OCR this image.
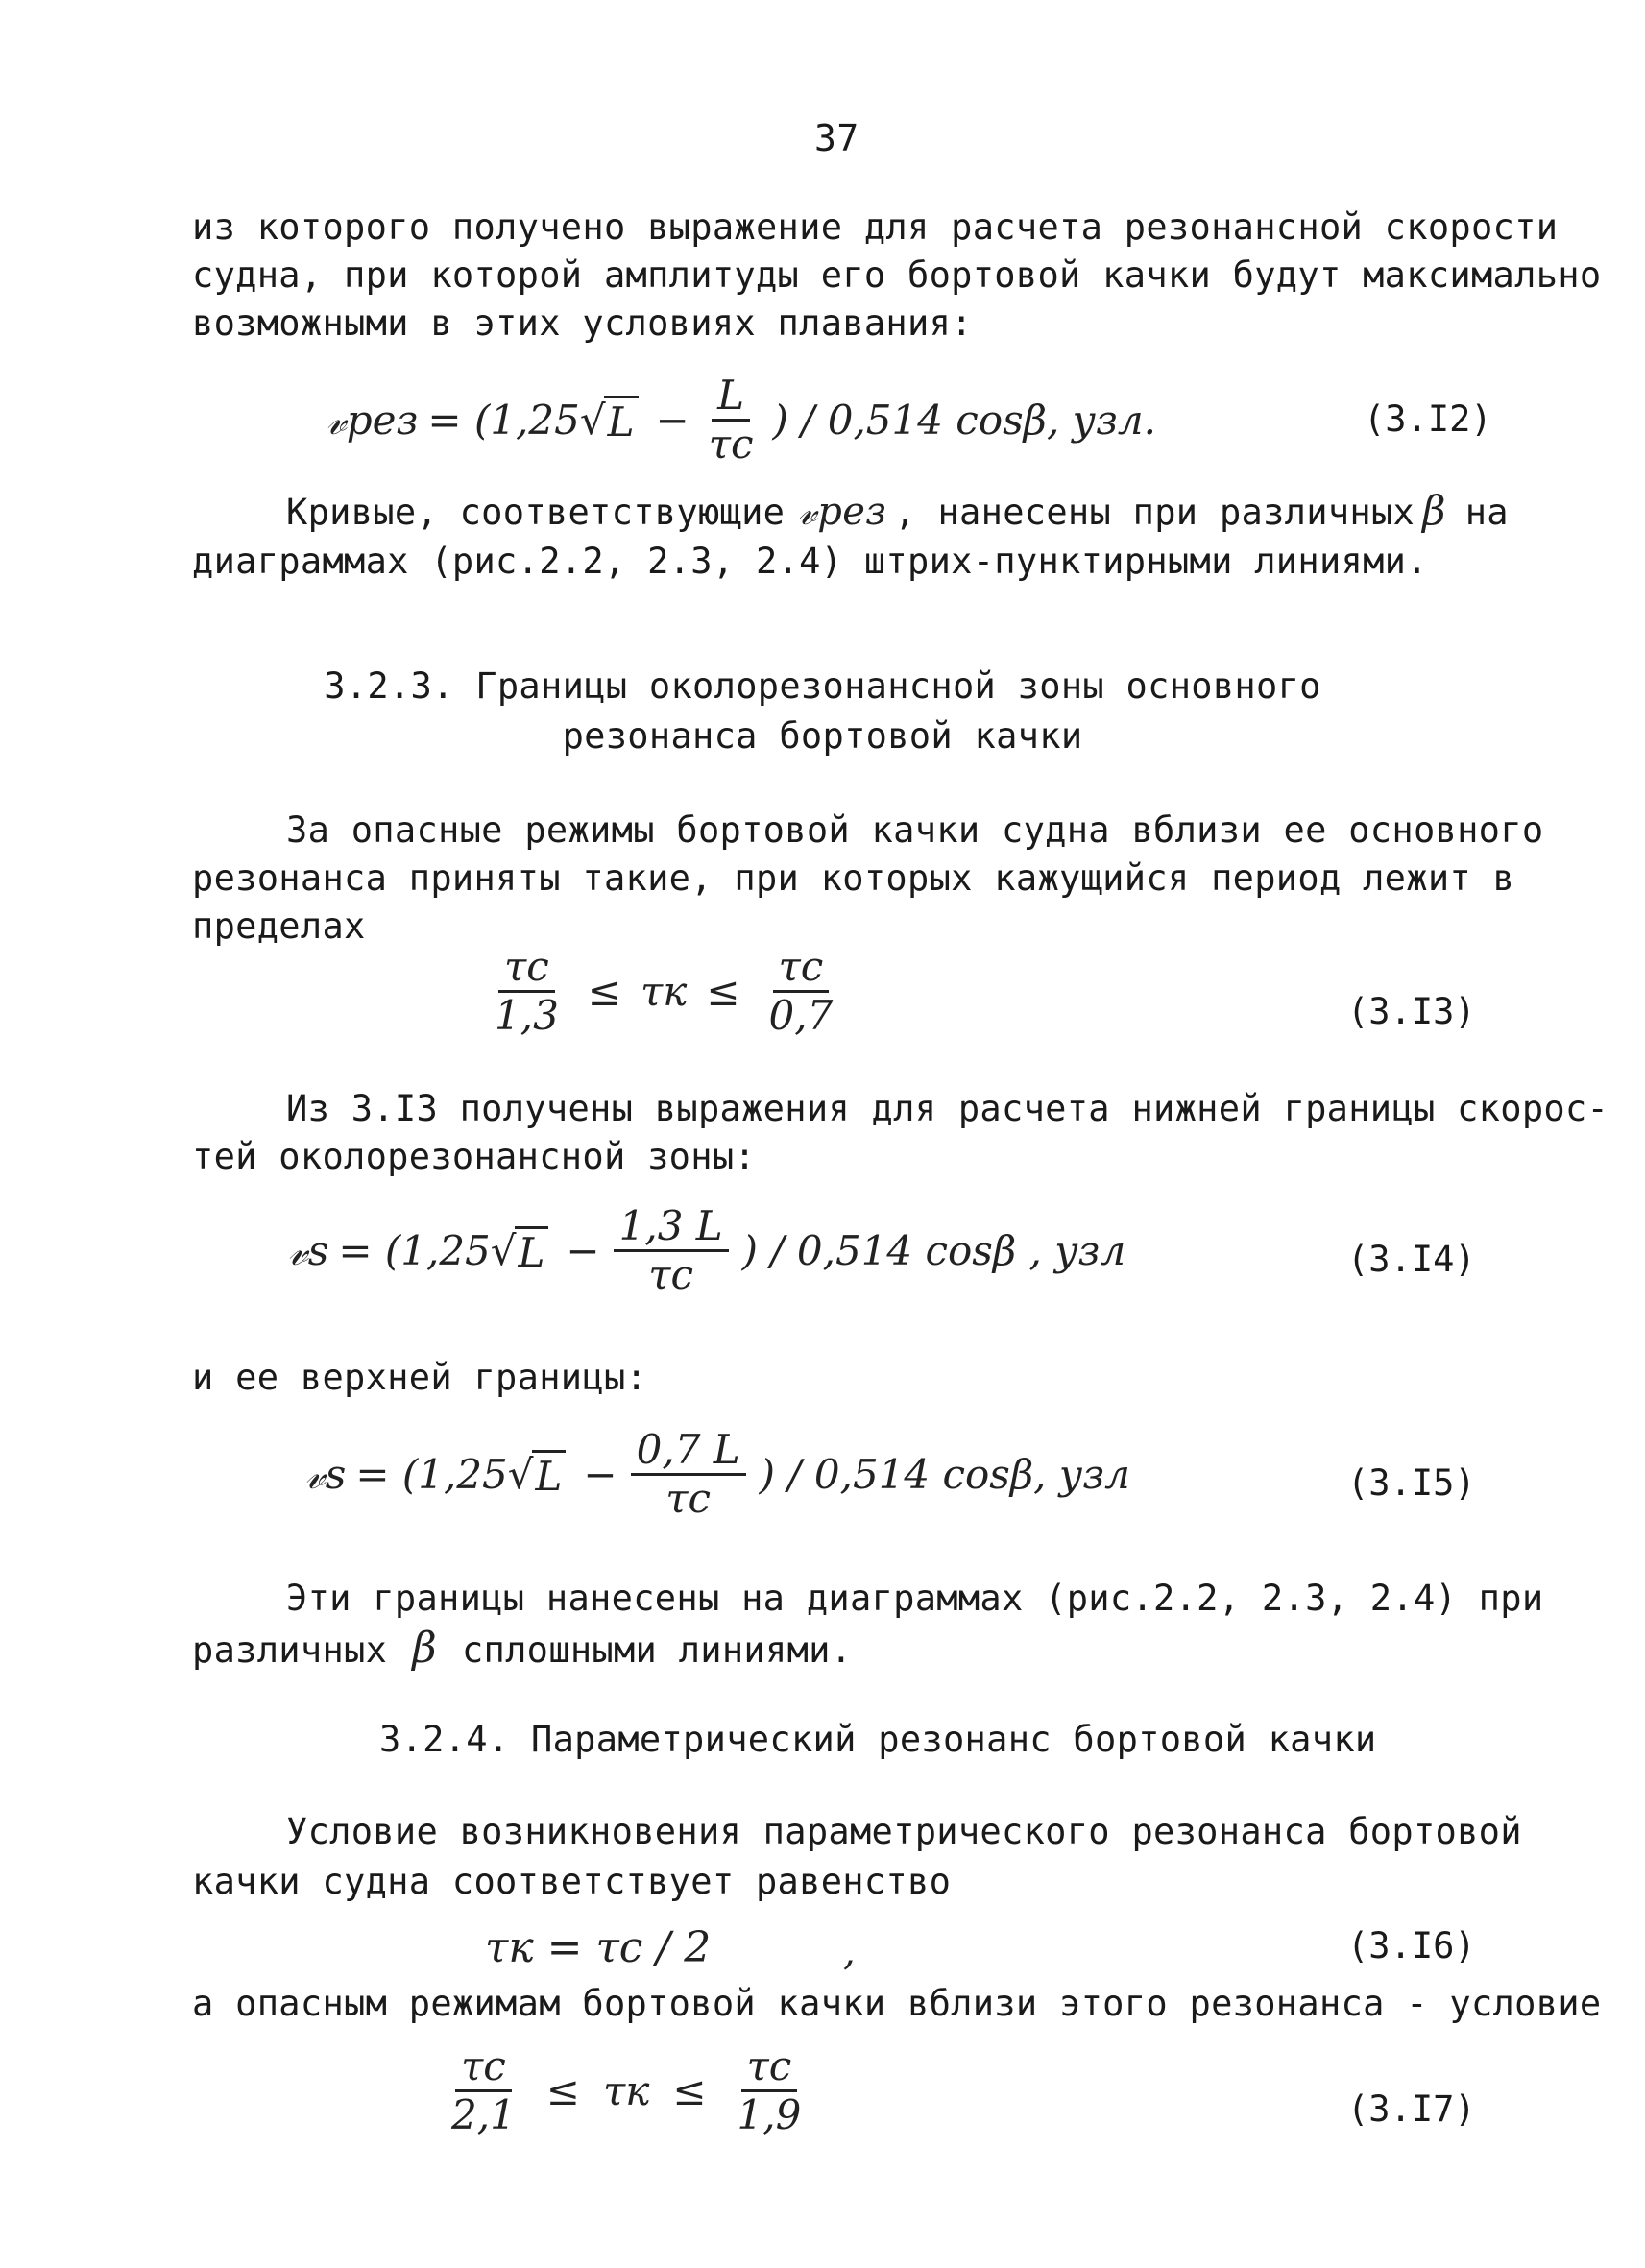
37
из которого получено выражение для расчета резонансной скорости
судна, при которой амплитуды его бортовой качки будут максимально
возможными в этих условиях плавания:
𝓋рез = (1,25√ $L - \frac{L}{\tau c}$ ) / 0,514 cosβ, узл.	(3.I2)
Кривые, соответствующие 𝓋рез , нанесены при различных β на
диаграммах (рис.2.2, 2.3, 2.4) штрих-пунктирными линиями.
3.2.3. Границы околорезонансной зоны основного
резонанса бортовой качки
За опасные режимы бортовой качки судна вблизи ее основного
резонанса приняты такие, при которых кажущийся период лежит в
пределах
$\frac{\tau c}{1,3} \le \tau к \le \frac{\tau c}{0,7}$	(3.I3)
Из 3.I3 получены выражения для расчета нижней границы скорос-
тей околорезонансной зоны:
𝓋s = (1,25√ $L - \frac{1,3 L}{\tau c}$ ) / 0,514 cosβ , узл	(3.I4)
и ее верхней границы:
𝓋s = (1,25√ $L - \frac{0,7 L}{\tau c}$ ) / 0,514 cosβ, узл	(3.I5)
Эти границы нанесены на диаграммах (рис.2.2, 2.3, 2.4) при
различных β сплошными линиями.
3.2.4. Параметрический резонанс бортовой качки
Условие возникновения параметрического резонанса бортовой
качки судна соответствует равенство
τк = τc / 2	,	(3.I6)
а опасным режимам бортовой качки вблизи этого резонанса - условие
$\frac{\tau c}{2,1} \le \tau к \le \frac{\tau c}{1,9}$	(3.I7)
